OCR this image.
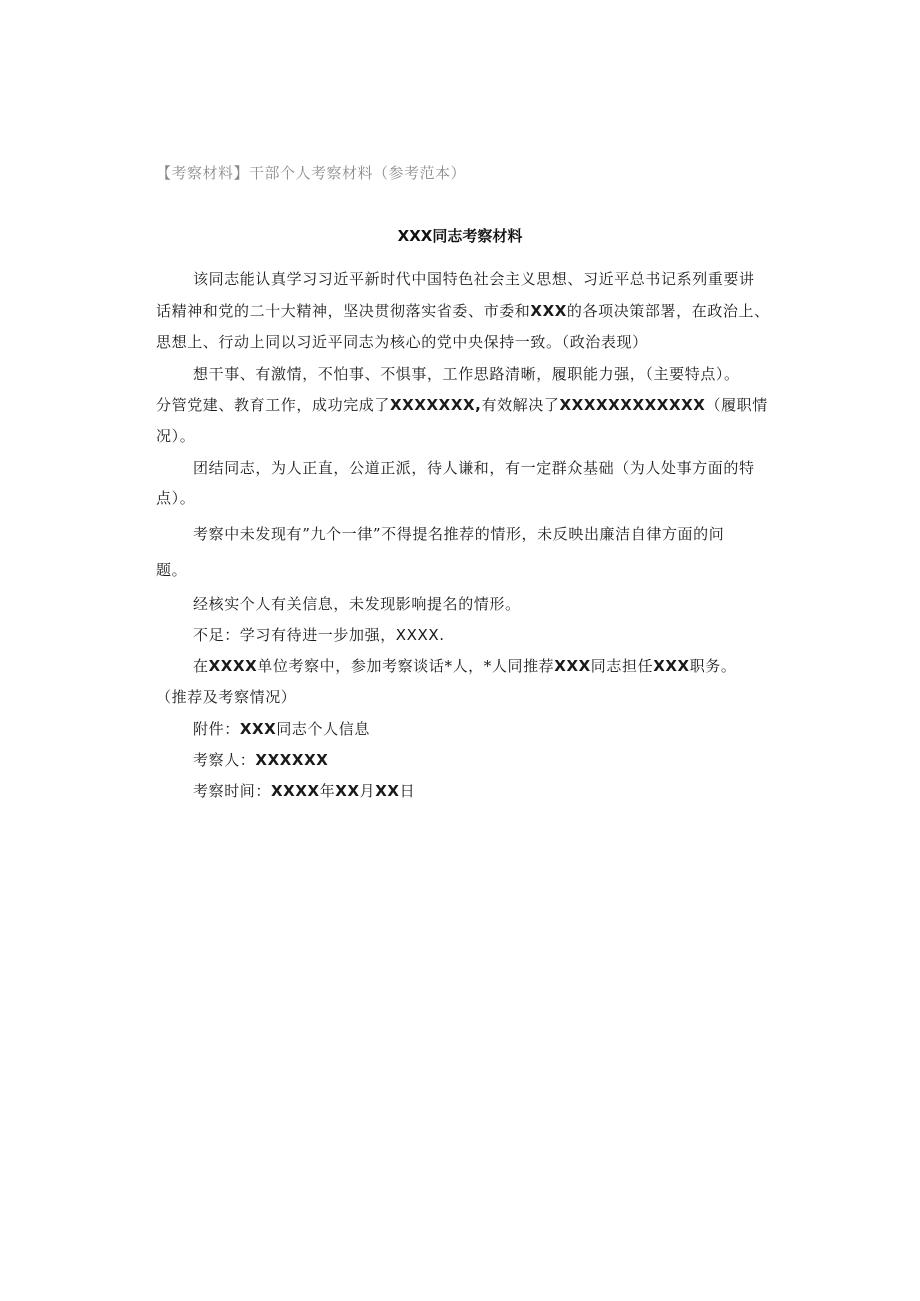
【考察材料】干部个人考察材料（参考范本）
XXX同志考察材料
该同志能认真学习习近平新时代中国特色社会主义思想、习近平总书记系列重要讲
话精神和党的二十大精神，坚决贯彻落实省委、市委和XXX的各项决策部署，在政治上、
思想上、行动上同以习近平同志为核心的党中央保持一致。（政治表现）
想干事、有激情，不怕事、不惧事，工作思路清晰，履职能力强，（主要特点）。
分管党建、教育工作，成功完成了XXXXXXX,有效解决了XXXXXXXXXXXX（履职情
况）。
团结同志，为人正直，公道正派，待人谦和，有一定群众基础（为人处事方面的特
点）。
考察中未发现有”九个一律”不得提名推荐的情形，未反映出廉洁自律方面的问
题。
经核实个人有关信息，未发现影响提名的情形。
不足：学习有待进一步加强，XXXX.
在XXXX单位考察中，参加考察谈话*人，*人同推荐XXX同志担任XXX职务。
（推荐及考察情况）
附件：XXX同志个人信息
考察人：XXXXXX
考察时间：XXXX年XX月XX日
